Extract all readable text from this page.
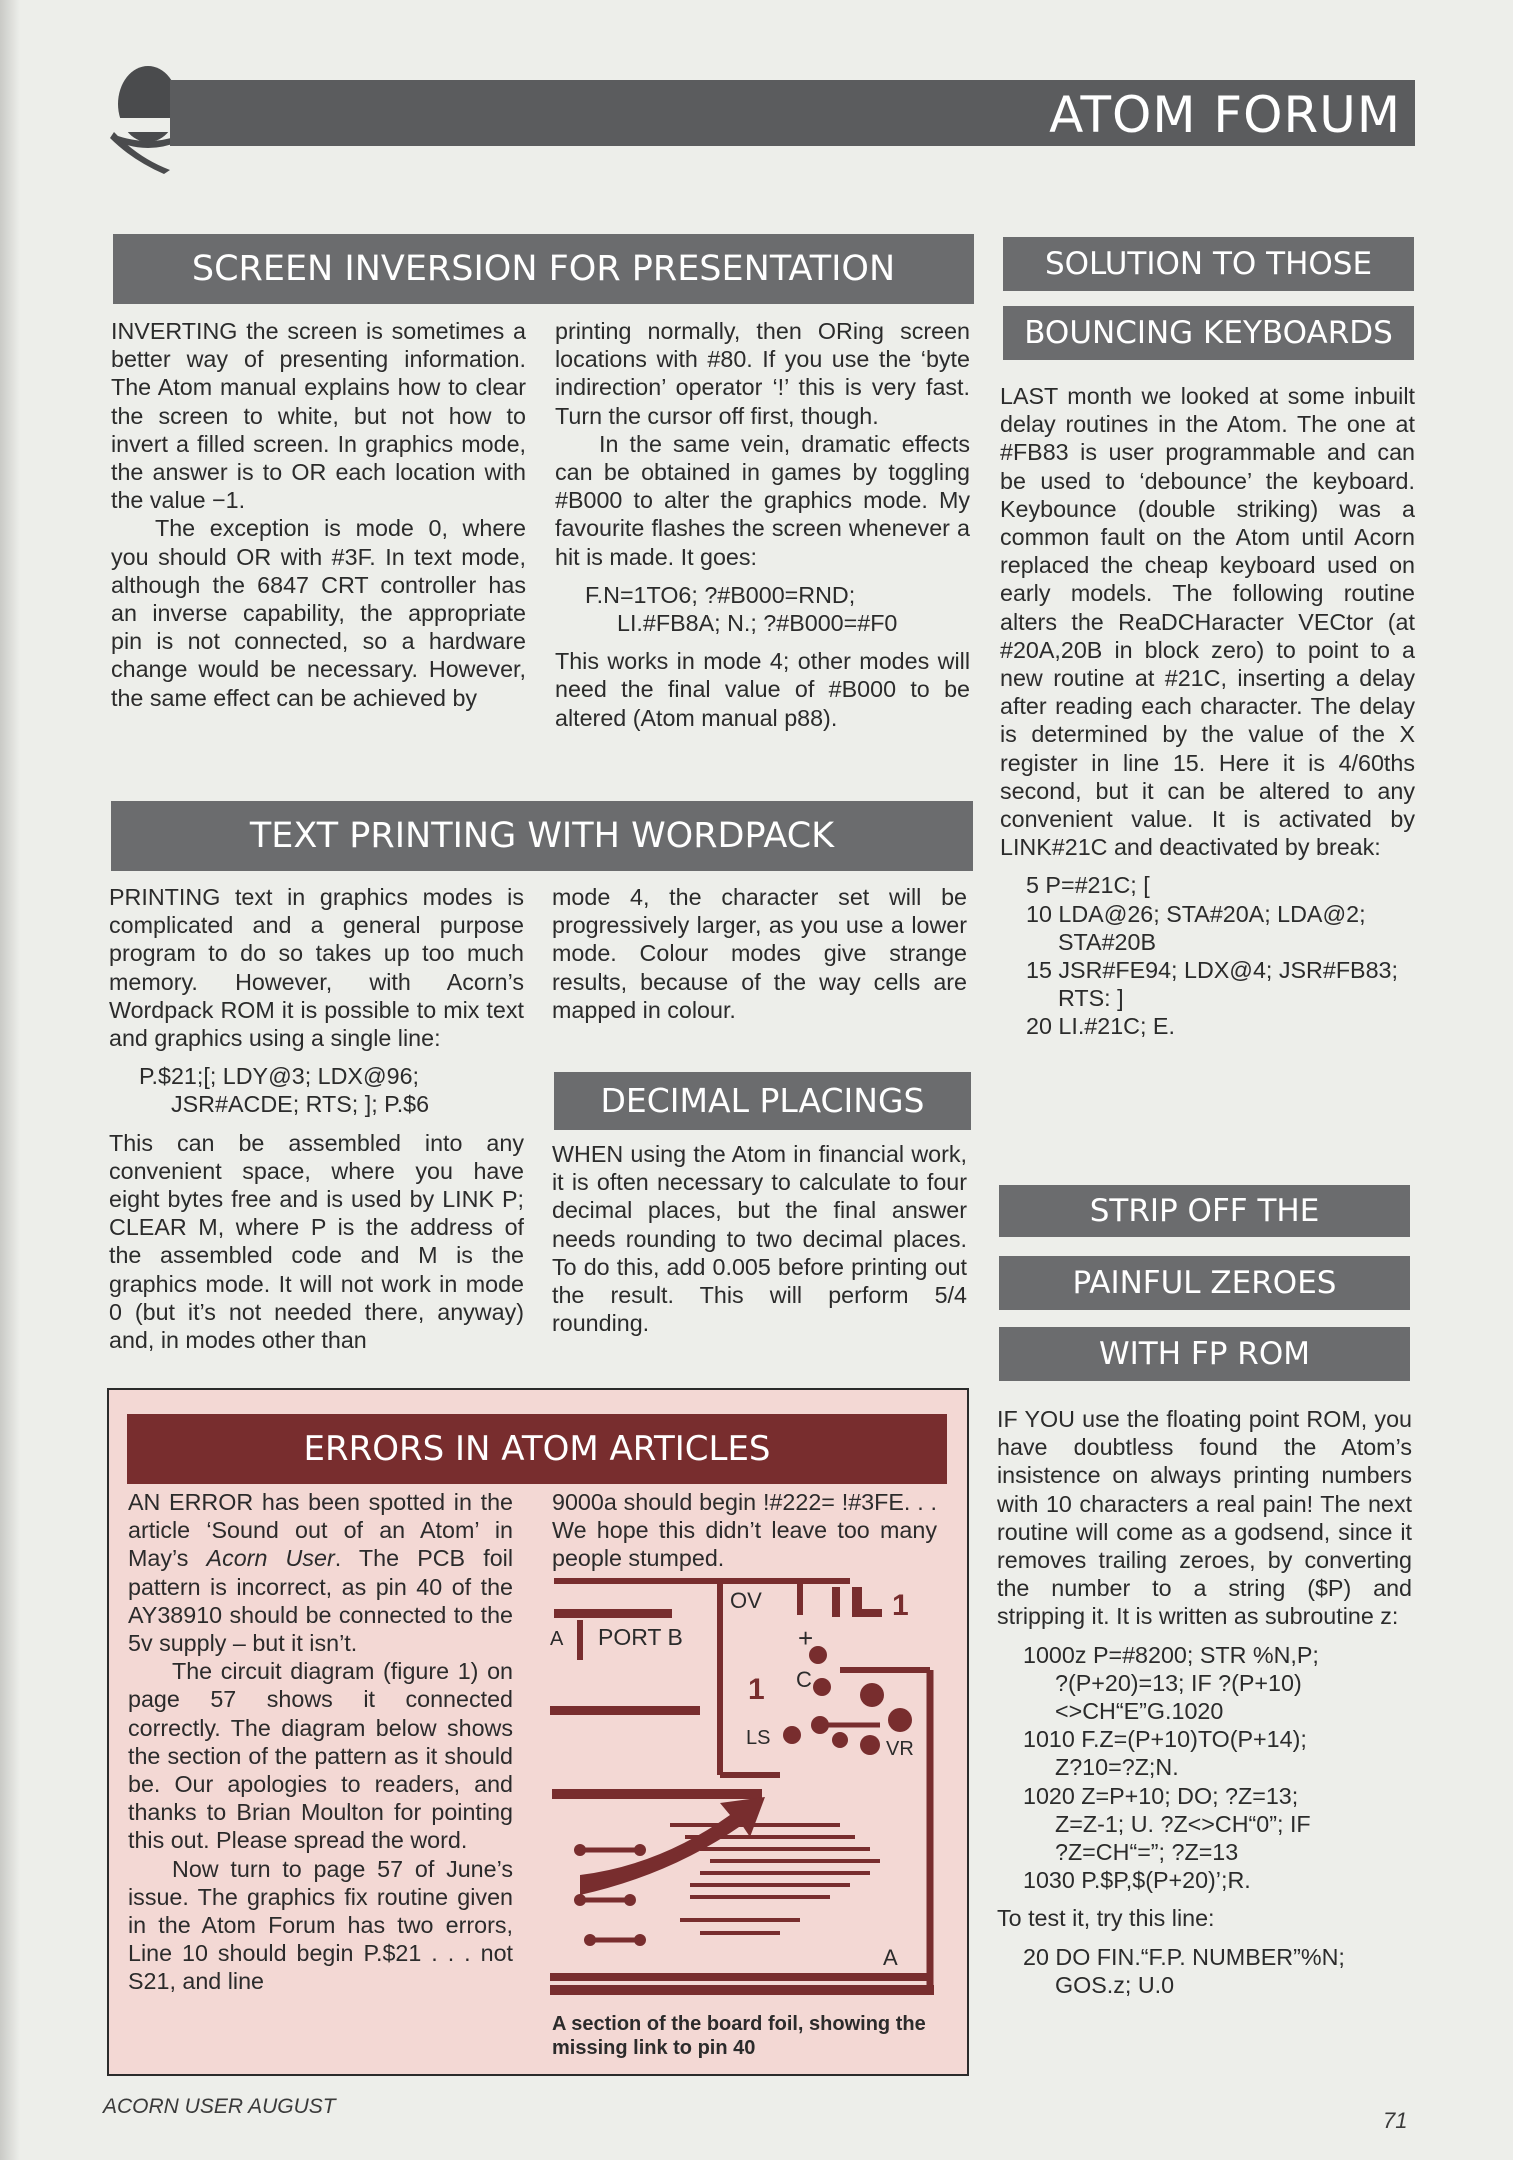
ATOM FORUM
SCREEN INVERSION FOR PRESENTATION

INVERTING the screen is sometimes a better way of presenting information. The Atom manual explains how to clear the screen to white, but not how to invert a filled screen. In graphics mode, the answer is to OR each location with the value −1.

The exception is mode 0, where you should OR with #3F. In text mode, although the 6847 CRT controller has an inverse capability, the appropriate pin is not connected, so a hardware change would be necessary. However, the same effect can be achieved by

printing normally, then ORing screen locations with #80. If you use the ‘byte indirection’ operator ‘!’ this is very fast. Turn the cursor off first, though.

In the same vein, dramatic effects can be obtained in games by toggling #B000 to alter the graphics mode. My favourite flashes the screen whenever a hit is made. It goes:

F.N=1TO6; ?#B000=RND;
LI.#FB8A; N.; ?#B000=#F0

This works in mode 4; other modes will need the final value of #B000 to be altered (Atom manual p88).

TEXT PRINTING WITH WORDPACK

PRINTING text in graphics modes is complicated and a general purpose program to do so takes up too much memory. However, with Acorn’s Wordpack ROM it is possible to mix text and graphics using a single line:

P.$21;[; LDY@3; LDX@96;
JSR#ACDE; RTS; ]; P.$6

This can be assembled into any convenient space, where you have eight bytes free and is used by LINK P; CLEAR M, where P is the address of the assembled code and M is the graphics mode. It will not work in mode 0 (but it’s not needed there, anyway) and, in modes other than

mode 4, the character set will be progressively larger, as you use a lower mode. Colour modes give strange results, because of the way cells are mapped in colour.

DECIMAL PLACINGS

WHEN using the Atom in financial work, it is often necessary to calculate to four decimal places, but the final answer needs rounding to two decimal places. To do this, add 0.005 before printing out the result. This will perform 5/4 rounding.

ERRORS IN ATOM ARTICLES

AN ERROR has been spotted in the article ‘Sound out of an Atom’ in May’s Acorn User. The PCB foil pattern is incorrect, as pin 40 of the AY38910 should be connected to the 5v supply – but it isn’t.

The circuit diagram (figure 1) on page 57 shows it connected correctly. The diagram below shows the section of the pattern as it should be. Our apologies to readers, and thanks to Brian Moulton for pointing this out. Please spread the word.

Now turn to page 57 of June’s issue. The graphics fix routine given in the Atom Forum has two errors, Line 10 should begin P.$21 . . . not S21, and line

9000a should begin !#222= !#3FE. . . We hope this didn’t leave too many people stumped.

OV	1
A PORT B	+
C
1
LS	VR
A
A section of the board foil, showing the missing link to pin 40
SOLUTION TO THOSE
BOUNCING KEYBOARDS

LAST month we looked at some inbuilt delay routines in the Atom. The one at #FB83 is user programmable and can be used to ‘debounce’ the keyboard. Keybounce (double striking) was a common fault on the Atom until Acorn replaced the cheap keyboard used on early models. The following routine alters the ReaDCHaracter VECtor (at #20A,20B in block zero) to point to a new routine at #21C, inserting a delay after reading each character. The delay is determined by the value of the X register in line 15. Here it is 4/60ths second, but it can be altered to any convenient value. It is activated by LINK#21C and deactivated by break:

5 P=#21C; [
10 LDA@26; STA#20A; LDA@2;
STA#20B
15 JSR#FE94; LDX@4; JSR#FB83;
RTS: ]
20 LI.#21C; E.
STRIP OFF THE
PAINFUL ZEROES
WITH FP ROM

IF YOU use the floating point ROM, you have doubtless found the Atom’s insistence on always printing numbers with 10 characters a real pain! The next routine will come as a godsend, since it removes trailing zeroes, by converting the number to a string ($P) and stripping it. It is written as subroutine z:

1000z P=#8200; STR %N,P;
?(P+20)=13; IF ?(P+10)
<>CH“E”G.1020
1010 F.Z=(P+10)TO(P+14);
Z?10=?Z;N.
1020 Z=P+10; DO; ?Z=13;
Z=Z-1; U. ?Z<>CH“0”; IF
?Z=CH“=”; ?Z=13
1030 P.$P,$(P+20)’;R.

To test it, try this line:

20 DO FIN.“F.P. NUMBER”%N;
GOS.z; U.0
ACORN USER AUGUST
71
